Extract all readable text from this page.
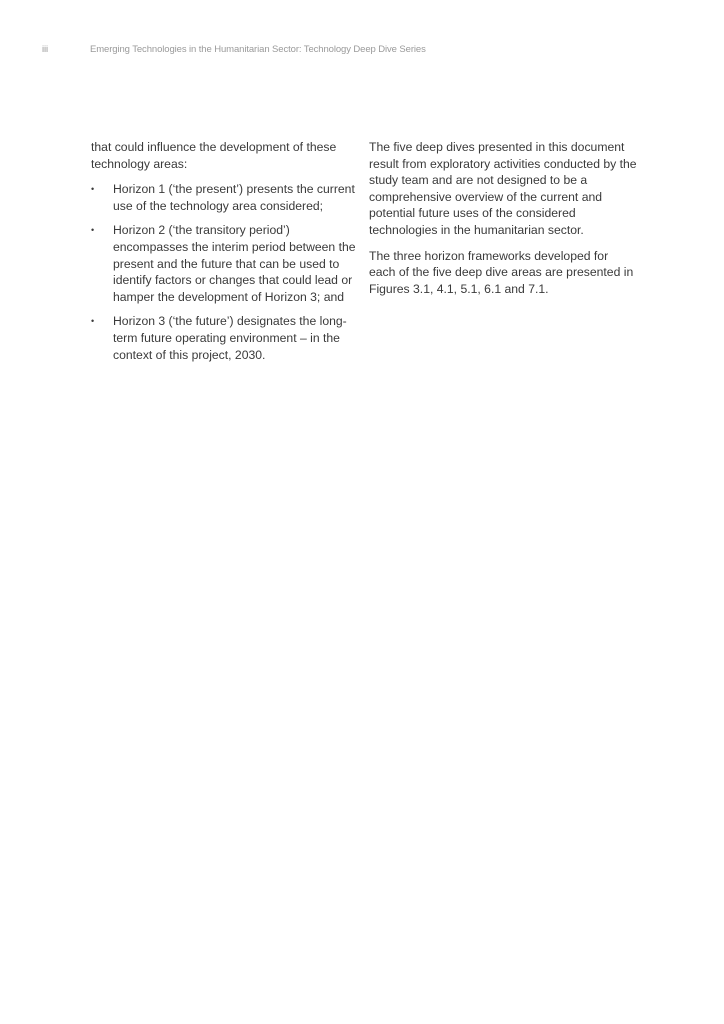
iii	Emerging Technologies in the Humanitarian Sector: Technology Deep Dive Series

that could influence the development of these technology areas:

•	Horizon 1 (‘the present’) presents the current use of the technology area considered;
•	Horizon 2 (‘the transitory period’) encompasses the interim period between the present and the future that can be used to identify factors or changes that could lead or hamper the development of Horizon 3; and
•	Horizon 3 (‘the future’) designates the long-term future operating environment – in the context of this project, 2030.

The five deep dives presented in this document result from exploratory activities conducted by the study team and are not designed to be a comprehensive overview of the current and potential future uses of the considered technologies in the humanitarian sector.

The three horizon frameworks developed for each of the five deep dive areas are presented in Figures 3.1, 4.1, 5.1, 6.1 and 7.1.
